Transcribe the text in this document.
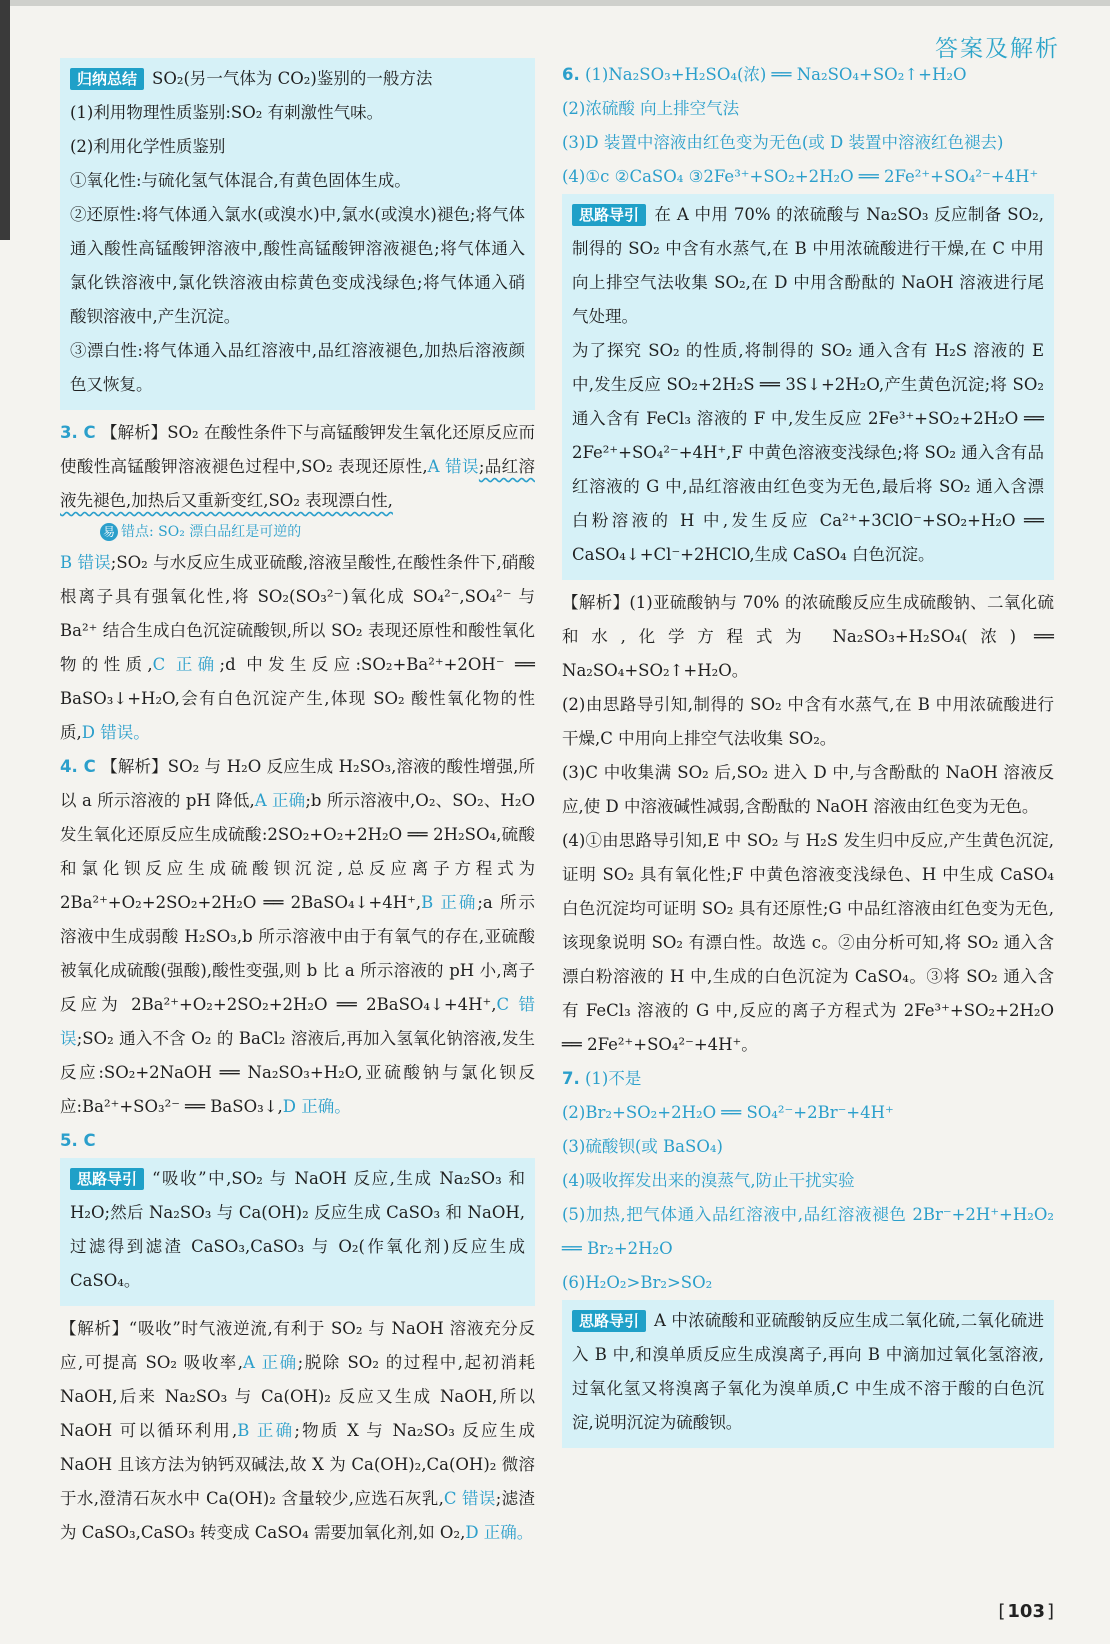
答案及解析

归纳总结 SO₂(另一气体为 CO₂)鉴别的一般方法

(1)利用物理性质鉴别:SO₂ 有刺激性气味。

(2)利用化学性质鉴别

①氧化性:与硫化氢气体混合,有黄色固体生成。

②还原性:将气体通入氯水(或溴水)中,氯水(或溴水)褪色;将气体通入酸性高锰酸钾溶液中,酸性高锰酸钾溶液褪色;将气体通入氯化铁溶液中,氯化铁溶液由棕黄色变成浅绿色;将气体通入硝酸钡溶液中,产生沉淀。

③漂白性:将气体通入品红溶液中,品红溶液褪色,加热后溶液颜色又恢复。

3. C 【解析】SO₂ 在酸性条件下与高锰酸钾发生氧化还原反应而使酸性高锰酸钾溶液褪色过程中,SO₂ 表现还原性,A 错误;品红溶液先褪色,加热后又重新变红,SO₂ 表现漂白性,

易 错点: SO₂ 漂白品红是可逆的

B 错误;SO₂ 与水反应生成亚硫酸,溶液呈酸性,在酸性条件下,硝酸根离子具有强氧化性,将 SO₂(SO₃²⁻)氧化成 SO₄²⁻,SO₄²⁻ 与 Ba²⁺ 结合生成白色沉淀硫酸钡,所以 SO₂ 表现还原性和酸性氧化物的性质,C 正确;d 中发生反应:SO₂+Ba²⁺+2OH⁻ ══ BaSO₃↓+H₂O,会有白色沉淀产生,体现 SO₂ 酸性氧化物的性质,D 错误。

4. C 【解析】SO₂ 与 H₂O 反应生成 H₂SO₃,溶液的酸性增强,所以 a 所示溶液的 pH 降低,A 正确;b 所示溶液中,O₂、SO₂、H₂O 发生氧化还原反应生成硫酸:2SO₂+O₂+2H₂O ══ 2H₂SO₄,硫酸和氯化钡反应生成硫酸钡沉淀,总反应离子方程式为 2Ba²⁺+O₂+2SO₂+2H₂O ══ 2BaSO₄↓+4H⁺,B 正确;a 所示溶液中生成弱酸 H₂SO₃,b 所示溶液中由于有氧气的存在,亚硫酸被氧化成硫酸(强酸),酸性变强,则 b 比 a 所示溶液的 pH 小,离子反应为 2Ba²⁺+O₂+2SO₂+2H₂O ══ 2BaSO₄↓+4H⁺,C 错误;SO₂ 通入不含 O₂ 的 BaCl₂ 溶液后,再加入氢氧化钠溶液,发生反应:SO₂+2NaOH ══ Na₂SO₃+H₂O,亚硫酸钠与氯化钡反应:Ba²⁺+SO₃²⁻ ══ BaSO₃↓,D 正确。

5. C

思路导引 “吸收”中,SO₂ 与 NaOH 反应,生成 Na₂SO₃ 和 H₂O;然后 Na₂SO₃ 与 Ca(OH)₂ 反应生成 CaSO₃ 和 NaOH,过滤得到滤渣 CaSO₃,CaSO₃ 与 O₂(作氧化剂)反应生成 CaSO₄。

【解析】“吸收”时气液逆流,有利于 SO₂ 与 NaOH 溶液充分反应,可提高 SO₂ 吸收率,A 正确;脱除 SO₂ 的过程中,起初消耗 NaOH,后来 Na₂SO₃ 与 Ca(OH)₂ 反应又生成 NaOH,所以 NaOH 可以循环利用,B 正确;物质 X 与 Na₂SO₃ 反应生成 NaOH 且该方法为钠钙双碱法,故 X 为 Ca(OH)₂,Ca(OH)₂ 微溶于水,澄清石灰水中 Ca(OH)₂ 含量较少,应选石灰乳,C 错误;滤渣为 CaSO₃,CaSO₃ 转变成 CaSO₄ 需要加氧化剂,如 O₂,D 正确。

6. (1)Na₂SO₃+H₂SO₄(浓) ══ Na₂SO₄+SO₂↑+H₂O

(2)浓硫酸 向上排空气法

(3)D 装置中溶液由红色变为无色(或 D 装置中溶液红色褪去)

(4)①c ②CaSO₄ ③2Fe³⁺+SO₂+2H₂O ══ 2Fe²⁺+SO₄²⁻+4H⁺

思路导引 在 A 中用 70% 的浓硫酸与 Na₂SO₃ 反应制备 SO₂,制得的 SO₂ 中含有水蒸气,在 B 中用浓硫酸进行干燥,在 C 中用向上排空气法收集 SO₂,在 D 中用含酚酞的 NaOH 溶液进行尾气处理。

为了探究 SO₂ 的性质,将制得的 SO₂ 通入含有 H₂S 溶液的 E 中,发生反应 SO₂+2H₂S ══ 3S↓+2H₂O,产生黄色沉淀;将 SO₂ 通入含有 FeCl₃ 溶液的 F 中,发生反应 2Fe³⁺+SO₂+2H₂O ══ 2Fe²⁺+SO₄²⁻+4H⁺,F 中黄色溶液变浅绿色;将 SO₂ 通入含有品红溶液的 G 中,品红溶液由红色变为无色,最后将 SO₂ 通入含漂白粉溶液的 H 中,发生反应 Ca²⁺+3ClO⁻+SO₂+H₂O ══ CaSO₄↓+Cl⁻+2HClO,生成 CaSO₄ 白色沉淀。

【解析】(1)亚硫酸钠与 70% 的浓硫酸反应生成硫酸钠、二氧化硫和水,化学方程式为 Na₂SO₃+H₂SO₄(浓) ══ Na₂SO₄+SO₂↑+H₂O。

(2)由思路导引知,制得的 SO₂ 中含有水蒸气,在 B 中用浓硫酸进行干燥,C 中用向上排空气法收集 SO₂。

(3)C 中收集满 SO₂ 后,SO₂ 进入 D 中,与含酚酞的 NaOH 溶液反应,使 D 中溶液碱性减弱,含酚酞的 NaOH 溶液由红色变为无色。

(4)①由思路导引知,E 中 SO₂ 与 H₂S 发生归中反应,产生黄色沉淀,证明 SO₂ 具有氧化性;F 中黄色溶液变浅绿色、H 中生成 CaSO₄ 白色沉淀均可证明 SO₂ 具有还原性;G 中品红溶液由红色变为无色,该现象说明 SO₂ 有漂白性。故选 c。②由分析可知,将 SO₂ 通入含漂白粉溶液的 H 中,生成的白色沉淀为 CaSO₄。③将 SO₂ 通入含有 FeCl₃ 溶液的 G 中,反应的离子方程式为 2Fe³⁺+SO₂+2H₂O ══ 2Fe²⁺+SO₄²⁻+4H⁺。

7. (1)不是

(2)Br₂+SO₂+2H₂O ══ SO₄²⁻+2Br⁻+4H⁺

(3)硫酸钡(或 BaSO₄)

(4)吸收挥发出来的溴蒸气,防止干扰实验

(5)加热,把气体通入品红溶液中,品红溶液褪色 2Br⁻+2H⁺+H₂O₂ ══ Br₂+2H₂O

(6)H₂O₂>Br₂>SO₂

思路导引 A 中浓硫酸和亚硫酸钠反应生成二氧化硫,二氧化硫进入 B 中,和溴单质反应生成溴离子,再向 B 中滴加过氧化氢溶液,过氧化氢又将溴离子氧化为溴单质,C 中生成不溶于酸的白色沉淀,说明沉淀为硫酸钡。

[ 103 ]
